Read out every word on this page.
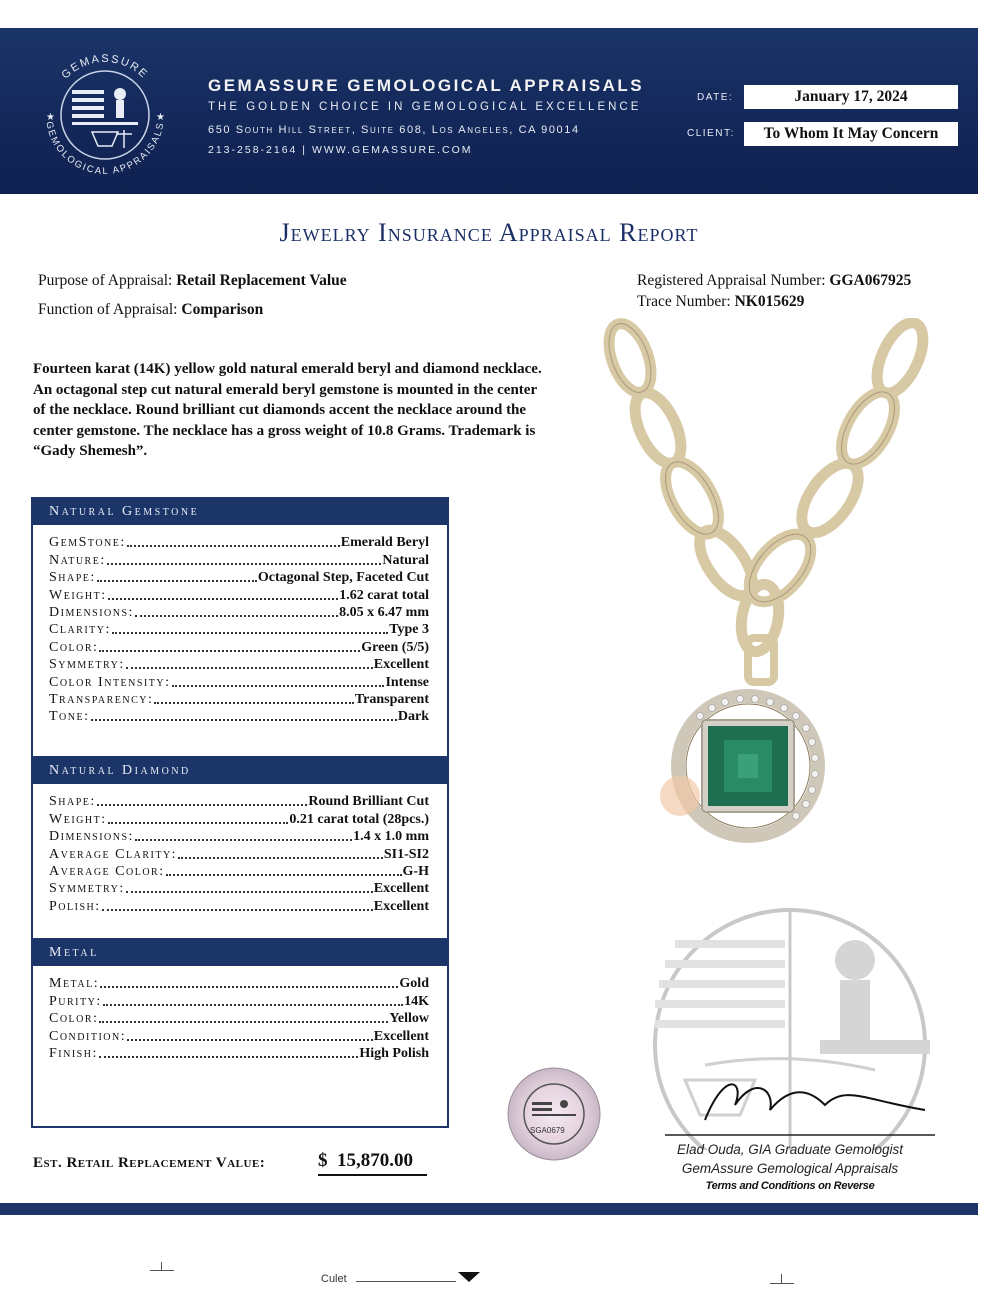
GEMASSURE
GEMOLOGICAL APPRAISALS
★	★
GEMASSURE GEMOLOGICAL APPRAISALS
THE GOLDEN CHOICE IN GEMOLOGICAL EXCELLENCE
650 South Hill Street, Suite 608, Los Angeles, CA 90014
213-258-2164 | WWW.GEMASSURE.COM
DATE:	January 17, 2024
CLIENT:	To Whom It May Concern
Jewelry Insurance Appraisal Report
Purpose of Appraisal: Retail Replacement Value
Function of Appraisal: Comparison
Registered Appraisal Number: GGA067925
Trace Number: NK015629
Fourteen karat (14K) yellow gold natural emerald beryl and diamond necklace. An octagonal step cut natural emerald beryl gemstone is mounted in the center of the necklace. Round brilliant cut diamonds accent the necklace around the center gemstone. The necklace has a gross weight of 10.8 Grams. Trademark is “Gady Shemesh”.
Natural Gemstone
GemStone:	Emerald Beryl
Nature:	Natural
Shape:	Octagonal Step, Faceted Cut
Weight:	1.62 carat total
Dimensions:	8.05 x 6.47 mm
Clarity:	Type 3
Color:	Green (5/5)
Symmetry:	Excellent
Color Intensity:	Intense
Transparency:	Transparent
Tone:	Dark
Natural Diamond
Shape:	Round Brilliant Cut
Weight:	0.21 carat total (28pcs.)
Dimensions:	1.4 x 1.0 mm
Average Clarity:	SI1-SI2
Average Color:	G-H
Symmetry:	Excellent
Polish:	Excellent
Metal
Metal:	Gold
Purity:	14K
Color:	Yellow
Condition:	Excellent
Finish:	High Polish
SGA0679
Est. Retail Replacement Value:	$  15,870.00
Elad Ouda, GIA Graduate Gemologist
GemAssure Gemological Appraisals
Terms and Conditions on Reverse
Culet
